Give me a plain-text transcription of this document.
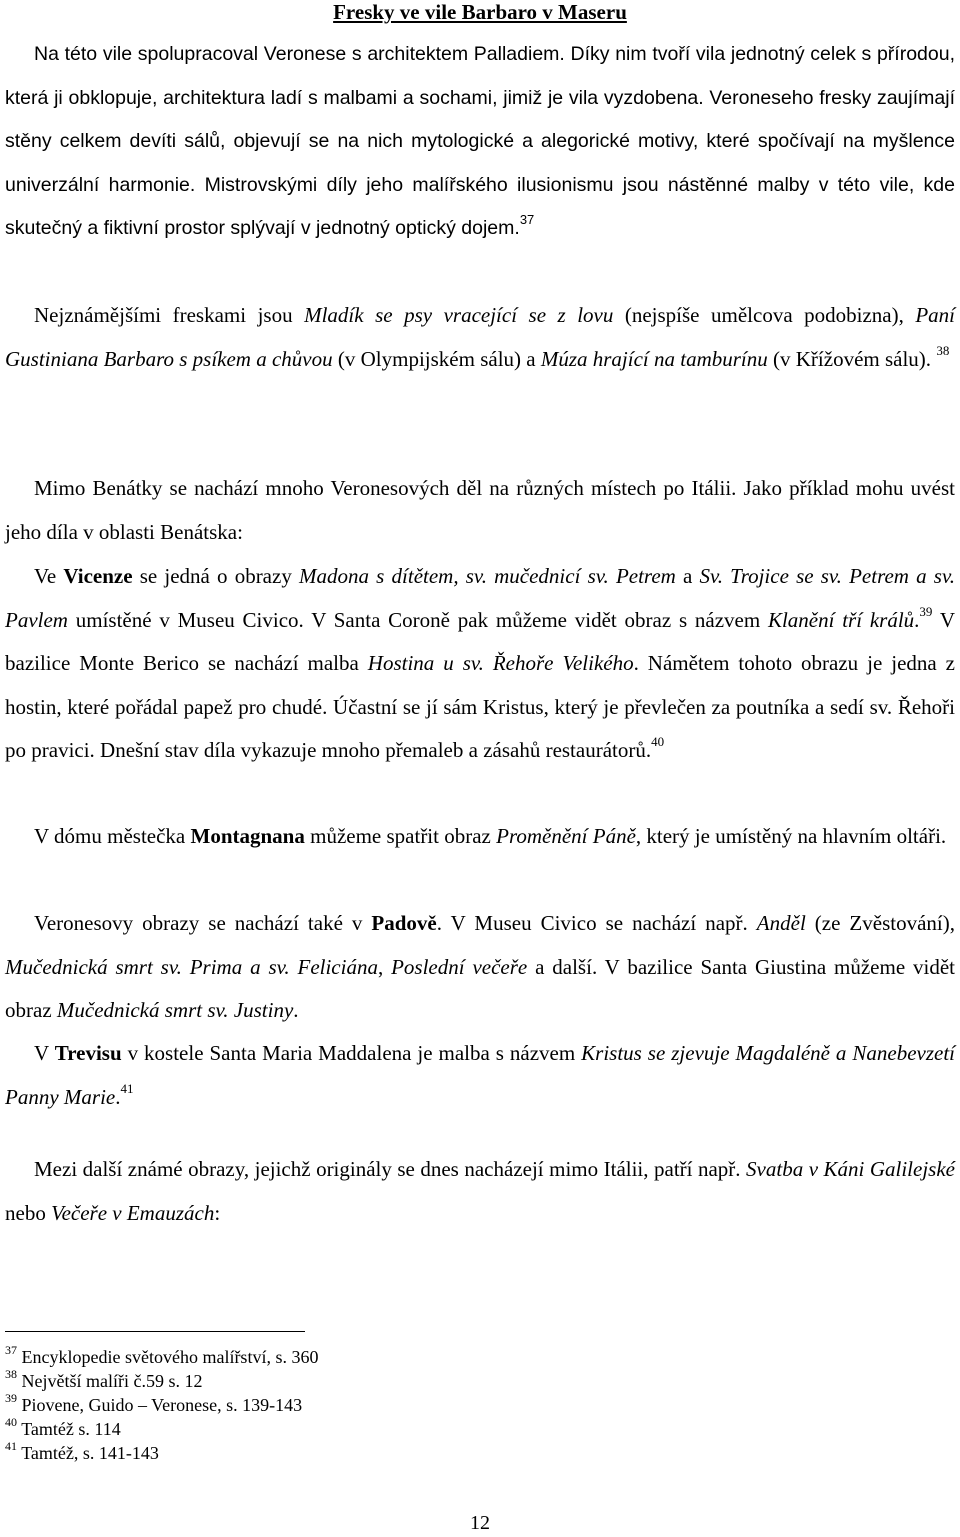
Fresky ve vile Barbaro v Maseru
Na této vile spolupracoval Veronese s architektem Palladiem. Díky nim tvoří vila jednotný celek s přírodou, která ji obklopuje, architektura ladí s malbami a sochami, jimiž je vila vyzdobena. Veroneseho fresky zaujímají stěny celkem devíti sálů, objevují se na nich mytologické a alegorické motivy, které spočívají na myšlence univerzální harmonie. Mistrovskými díly jeho malířského ilusionismu jsou nástěnné malby v této vile, kde skutečný a fiktivní prostor splývají v jednotný optický dojem.$^{37}$
Nejznámějšími freskami jsou Mladík se psy vracející se z lovu (nejspíše umělcova podobizna), Paní Gustiniana Barbaro s psíkem a chůvou (v Olympijském sálu) a Múza hrající na tamburínu (v Křížovém sálu). $^{38}$
Mimo Benátky se nachází mnoho Veronesových děl na různých místech po Itálii. Jako příklad mohu uvést jeho díla v oblasti Benátska:
Ve Vicenze se jedná o obrazy Madona s dítětem, sv. mučednicí sv. Petrem a Sv. Trojice se sv. Petrem a sv. Pavlem umístěné v Museu Civico. V Santa Coroně pak můžeme vidět obraz s názvem Klanění tří králů.$^{39}$ V bazilice Monte Berico se nachází malba Hostina u sv. Řehoře Velikého. Námětem tohoto obrazu je jedna z hostin, které pořádal papež pro chudé. Účastní se jí sám Kristus, který je převlečen za poutníka a sedí sv. Řehoři po pravici. Dnešní stav díla vykazuje mnoho přemaleb a zásahů restaurátorů.$^{40}$
V dómu městečka Montagnana můžeme spatřit obraz Proměnění Páně, který je umístěný na hlavním oltáři.
Veronesovy obrazy se nachází také v Padově. V Museu Civico se nachází např. Anděl (ze Zvěstování), Mučednická smrt sv. Prima a sv. Feliciána, Poslední večeře a další. V bazilice Santa Giustina můžeme vidět obraz Mučednická smrt sv. Justiny.
V Trevisu v kostele Santa Maria Maddalena je malba s názvem Kristus se zjevuje Magdaléně a Nanebevzetí Panny Marie.$^{41}$
Mezi další známé obrazy, jejichž originály se dnes nacházejí mimo Itálii, patří např. Svatba v Káni Galilejské nebo Večeře v Emauzách:
$^{37}$ Encyklopedie světového malířství, s. 360
$^{38}$ Největší malíři č.59 s. 12
$^{39}$ Piovene, Guido – Veronese, s. 139-143
$^{40}$ Tamtéž s. 114
$^{41}$ Tamtéž, s. 141-143
12
